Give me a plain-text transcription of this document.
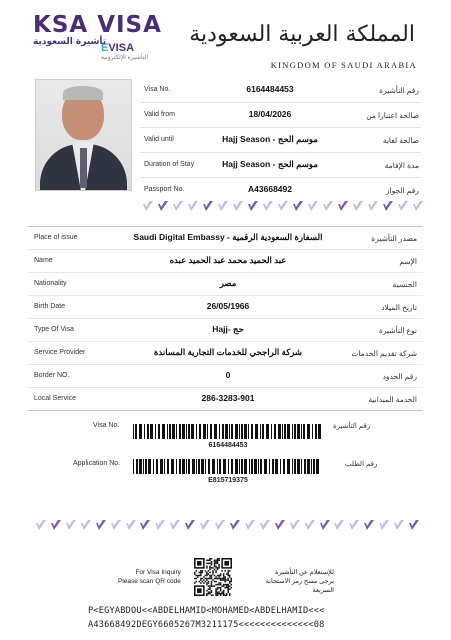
KSA VISA
تأشيرة السعودية
EVISA
التأشيرة الإلكترونية
المملكة العربية السعودية
KINGDOM OF SAUDI ARABIA
Visa No.	6164484453	رقم التأشيرة
Valid from	18/04/2026	صالحة اعتبارا من
Valid until	Hajj Season - موسم الحج	صالحة لغاية
Duration of Stay	Hajj Season - موسم الحج	مدة الإقامة
Passport No.	A43668492	رقم الجواز
Place of issue	Saudi Digital Embassy - السفارة السعودية الرقمية	مصدر التأشيرة
Name	عبد الحميد محمد عبد الحميد عبده	الإسم
Nationality	مصر	الجنسية
Birth Date	26/05/1966	تاريخ الميلاد
Type Of Visa	Hajj- حج	نوع التأشيرة
Service Provider	شركة الراجحي للخدمات التجارية المساندة	شركة تقديم الخدمات
Border NO.	0	رقم الحدود
Local Service	286-3283-901	الخدمة الميدانية
Visa No.	رقم التأشيرة
6164484453
Application No.	رقم الطلب
E815719375
For Visa Inquiry
Please scan QR code
للإستعلام عن التأشيرة
يرجى مسح رمز الاستجابة السريعة
P<EGYABDOU<<ABDELHAMID<MOHAMED<ABDELHAMID<<<
A43668492DEGY6605267M3211175<<<<<<<<<<<<<<08
